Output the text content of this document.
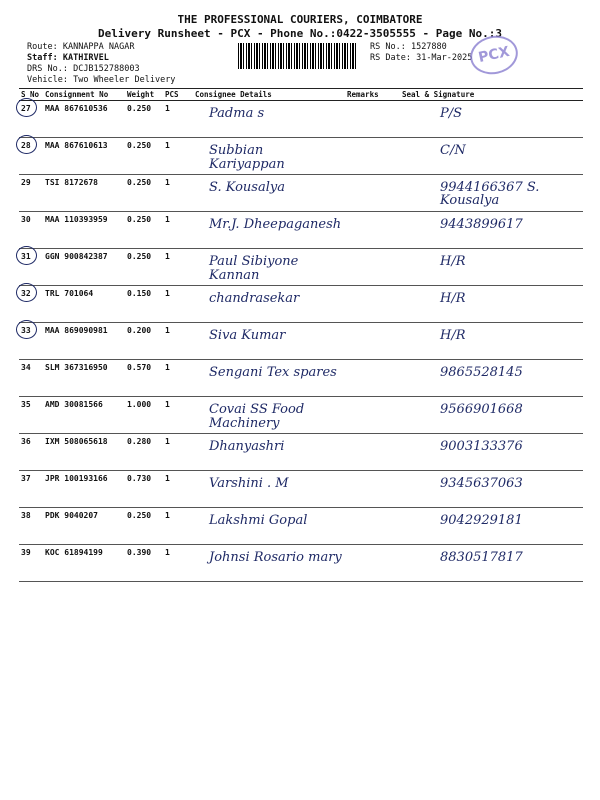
THE PROFESSIONAL COURIERS, COIMBATORE
Delivery Runsheet - PCX - Phone No.:0422-3505555 - Page No.:3
Route: KANNAPPA NAGAR
Staff: KATHIRVEL
DRS No.: DCJB152788003
Vehicle: Two Wheeler Delivery
RS No.: 1527880
RS Date: 31-Mar-2025 PCX
S No	Consignment No	Weight	PCS	Consignee Details	Remarks	Seal & Signature
27	MAA 867610536	0.250	1	Padma s		P/S
28	MAA 867610613	0.250	1	Subbian Kariyappan		C/N
29	TSI 8172678	0.250	1	S. Kousalya		9944166367 S. Kousalya
30	MAA 110393959	0.250	1	Mr.J. Dheepaganesh		9443899617
31	GGN 900842387	0.250	1	Paul Sibiyone Kannan		H/R
32	TRL 701064	0.150	1	chandrasekar		H/R
33	MAA 869090981	0.200	1	Siva Kumar		H/R
34	SLM 367316950	0.570	1	Sengani Tex spares		9865528145
35	AMD 30081566	1.000	1	Covai SS Food Machinery		9566901668
36	IXM 508065618	0.280	1	Dhanyashri		9003133376
37	JPR 100193166	0.730	1	Varshini . M		9345637063
38	PDK 9040207	0.250	1	Lakshmi Gopal		9042929181
39	KOC 61894199	0.390	1	Johnsi Rosario mary		8830517817
